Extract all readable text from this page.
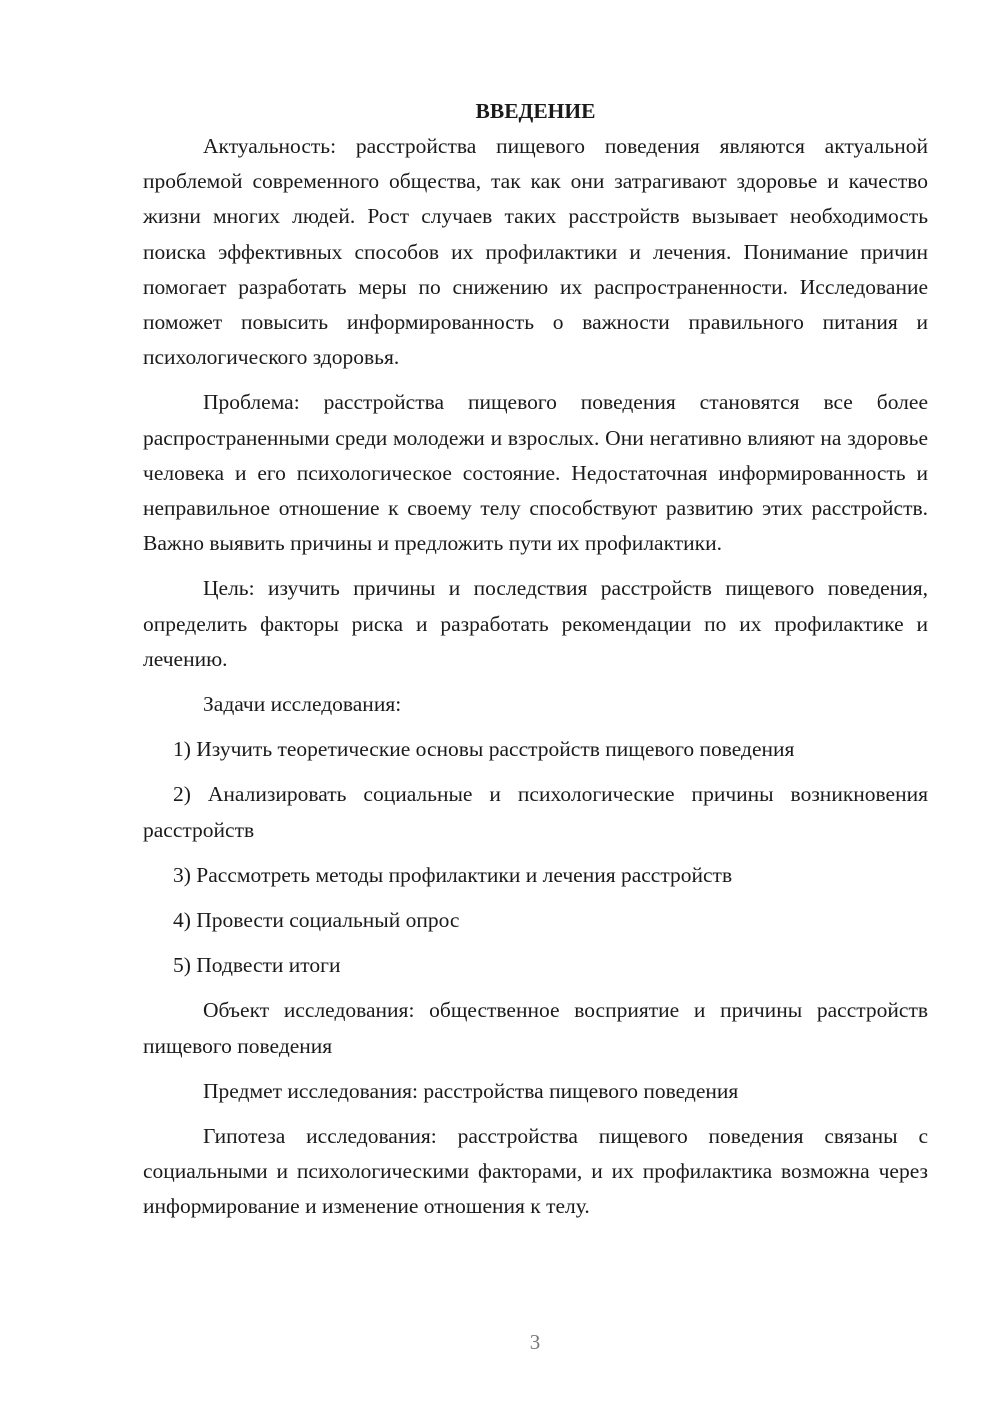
ВВЕДЕНИЕ

Актуальность: расстройства пищевого поведения являются актуальной проблемой современного общества, так как они затрагивают здоровье и качество жизни многих людей. Рост случаев таких расстройств вызывает необходимость поиска эффективных способов их профилактики и лечения. Понимание причин помогает разработать меры по снижению их распространенности. Исследование поможет повысить информированность о важности правильного питания и психологического здоровья.

Проблема: расстройства пищевого поведения становятся все более распространенными среди молодежи и взрослых. Они негативно влияют на здоровье человека и его психологическое состояние. Недостаточная информированность и неправильное отношение к своему телу способствуют развитию этих расстройств. Важно выявить причины и предложить пути их профилактики.

Цель: изучить причины и последствия расстройств пищевого поведения, определить факторы риска и разработать рекомендации по их профилактике и лечению.

Задачи исследования:

1) Изучить теоретические основы расстройств пищевого поведения

2) Анализировать социальные и психологические причины возникновения расстройств

3) Рассмотреть методы профилактики и лечения расстройств

4) Провести социальный опрос

5) Подвести итоги

Объект исследования: общественное восприятие и причины расстройств пищевого поведения

Предмет исследования: расстройства пищевого поведения

Гипотеза исследования: расстройства пищевого поведения связаны с социальными и психологическими факторами, и их профилактика возможна через информирование и изменение отношения к телу.

3
